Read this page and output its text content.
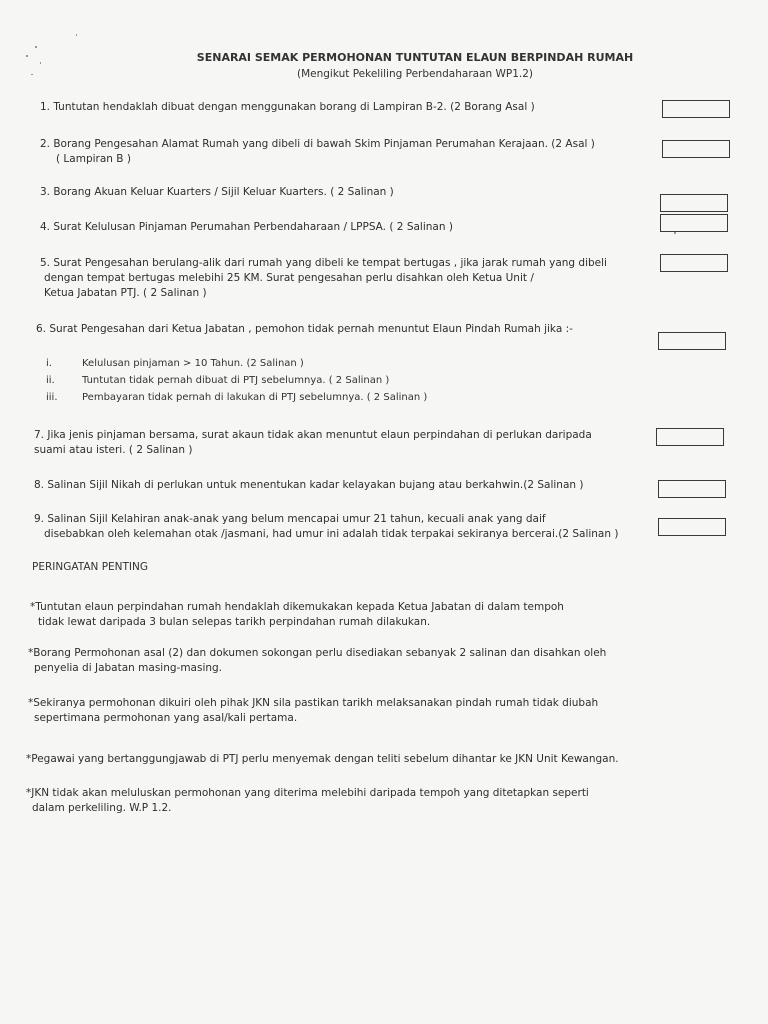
SENARAI SEMAK PERMOHONAN TUNTUTAN ELAUN BERPINDAH RUMAH
(Mengikut Pekeliling Perbendaharaan WP1.2)
1. Tuntutan hendaklah dibuat dengan menggunakan borang di Lampiran B-2. (2 Borang Asal )
2. Borang Pengesahan Alamat Rumah yang dibeli di bawah Skim Pinjaman Perumahan Kerajaan. (2 Asal )
( Lampiran B )
3. Borang Akuan Keluar Kuarters / Sijil Keluar Kuarters. ( 2 Salinan )
4. Surat Kelulusan Pinjaman Perumahan Perbendaharaan / LPPSA. ( 2 Salinan )
5. Surat Pengesahan berulang-alik dari rumah yang dibeli ke tempat bertugas , jika jarak rumah yang dibeli
dengan tempat bertugas melebihi 25 KM. Surat pengesahan perlu disahkan oleh Ketua Unit /
Ketua Jabatan PTJ. ( 2 Salinan )
6. Surat Pengesahan dari Ketua Jabatan , pemohon tidak pernah menuntut Elaun Pindah Rumah jika :-
i.	Kelulusan pinjaman > 10 Tahun. (2 Salinan )
ii.	Tuntutan tidak pernah dibuat di PTJ sebelumnya. ( 2 Salinan )
iii. Pembayaran tidak pernah di lakukan di PTJ sebelumnya. ( 2 Salinan )
7. Jika jenis pinjaman bersama, surat akaun tidak akan menuntut elaun perpindahan di perlukan daripada
suami atau isteri. ( 2 Salinan )
8. Salinan Sijil Nikah di perlukan untuk menentukan kadar kelayakan bujang atau berkahwin.(2 Salinan )
9. Salinan Sijil Kelahiran anak-anak yang belum mencapai umur 21 tahun, kecuali anak yang daif
disebabkan oleh kelemahan otak /jasmani, had umur ini adalah tidak terpakai sekiranya bercerai.(2 Salinan )
PERINGATAN PENTING
*Tuntutan elaun perpindahan rumah hendaklah dikemukakan kepada Ketua Jabatan di dalam tempoh
tidak lewat daripada 3 bulan selepas tarikh perpindahan rumah dilakukan.
*Borang Permohonan asal (2) dan dokumen sokongan perlu disediakan sebanyak 2 salinan dan disahkan oleh
penyelia di Jabatan masing-masing.
*Sekiranya permohonan dikuiri oleh pihak JKN sila pastikan tarikh melaksanakan pindah rumah tidak diubah
sepertimana permohonan yang asal/kali pertama.
*Pegawai yang bertanggungjawab di PTJ perlu menyemak dengan teliti sebelum dihantar ke JKN Unit Kewangan.
*JKN tidak akan meluluskan permohonan yang diterima melebihi daripada tempoh yang ditetapkan seperti
dalam perkeliling. W.P 1.2.
